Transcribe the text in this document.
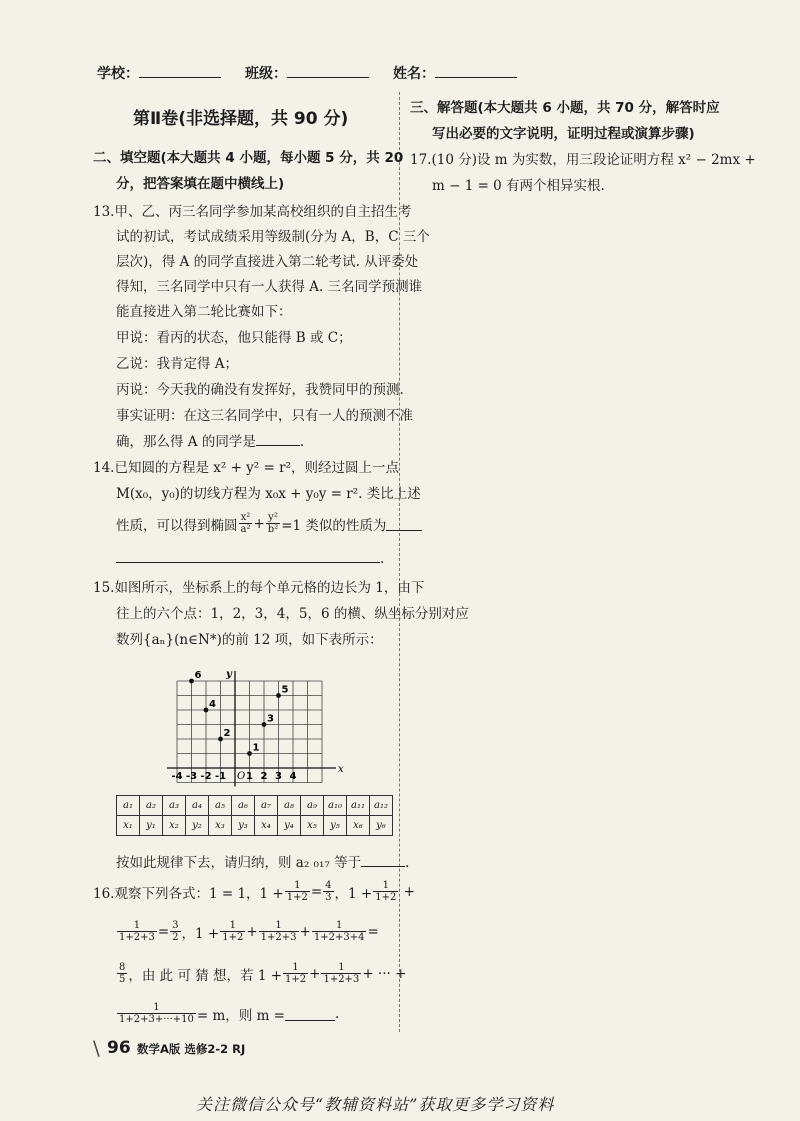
学校：	班级：	姓名：
第Ⅱ卷(非选择题，共 90 分)
二、填空题(本大题共 4 小题，每小题 5 分，共 20
分，把答案填在题中横线上)
13.甲、乙、丙三名同学参加某高校组织的自主招生考
试的初试，考试成绩采用等级制(分为 A，B，C 三个
层次)，得 A 的同学直接进入第二轮考试. 从评委处
得知，三名同学中只有一人获得 A. 三名同学预测谁
能直接进入第二轮比赛如下：
甲说：看丙的状态，他只能得 B 或 C；
乙说：我肯定得 A；
丙说：今天我的确没有发挥好，我赞同甲的预测.
事实证明：在这三名同学中，只有一人的预测不准
确，那么得 A 的同学是	.
14.已知圆的方程是 x² + y² = r²，则经过圆上一点
M(x₀，y₀)的切线方程为 x₀x + y₀y = r². 类比上述
性质，可以得到椭圆 $\frac{\text{x²}}{\text{a²}} + \frac{\text{y²}}{\text{b²}} =1$ 类似的性质为
.
15.如图所示，坐标系上的每个单元格的边长为 1，由下
往上的六个点：1，2，3，4，5，6 的横、纵坐标分别对应
数列{aₙ}(n∈N*)的前 12 项，如下表所示：
x
y
O
-4 -3 -2 -1 1 2 3 4
1
2
3
4
5
6
a₁	a₂	a₃	a₄	a₅	a₆	a₇	a₈	a₉	a₁₀	a₁₁	a₁₂
x₁	y₁	x₂	y₂	x₃	y₃	x₄	y₄	x₅	y₅	x₆	y₆
按如此规律下去，请归纳，则 a₂ ₀₁₇ 等于	.
16.观察下列各式：1 = 1，$1 + \frac{1}{1+2} = \frac{4}{3}$ ，$1 + \frac{1}{1+2}$ +
$\frac{1}{1+2+3} = \frac{3}{2}$ ，$1 + \frac{1}{1+2} + \frac{1}{1+2+3} + \frac{1}{1+2+3+4}$ =
$\frac{8}{5}$ ，由 此 可 猜 想，若 $1 + \frac{1}{1+2} + \frac{1}{1+2+3}$ + ··· +
$\frac{1}{1+2+3+\cdot\cdot\cdot+10} = m$，则 m =	.
三、解答题(本大题共 6 小题，共 70 分，解答时应
写出必要的文字说明，证明过程或演算步骤)
17.(10 分)设 m 为实数，用三段论证明方程 x² − 2mx +
m − 1 = 0 有两个相异实根.
\ 96 数学A版 选修2-2 RJ
关注微信公众号“教辅资料站”获取更多学习资料
